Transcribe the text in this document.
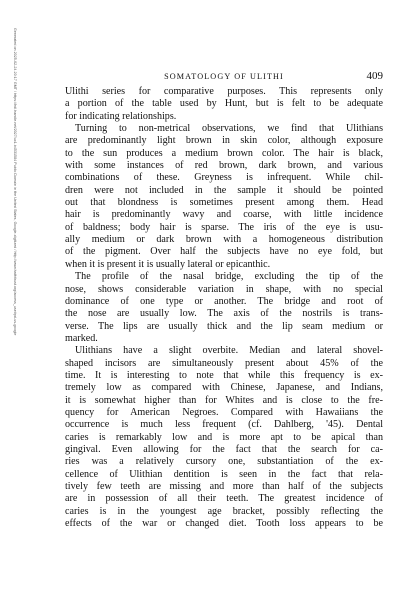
Generated on 2025-02-24 20:17 GMT / https://hdl.handle.net/2027/uc1.b4531584 Public Domain in the United States, Google-digitized / http://www.hathitrust.org/access_use#pd-us-google	SOMATOLOGY OF ULITHI	409
Ulithi series for comparative purposes. This represents only
a portion of the table used by Hunt, but is felt to be adequate
for indicating relationships.
Turning to non-metrical observations, we find that Ulithians
are predominantly light brown in skin color, although exposure
to the sun produces a medium brown color. The hair is black,
with some instances of red brown, dark brown, and various
combinations of these. Greyness is infrequent. While chil-
dren were not included in the sample it should be pointed
out that blondness is sometimes present among them. Head
hair is predominantly wavy and coarse, with little incidence
of baldness; body hair is sparse. The iris of the eye is usu-
ally medium or dark brown with a homogeneous distribution
of the pigment. Over half the subjects have no eye fold, but
when it is present it is usually lateral or epicanthic.
The profile of the nasal bridge, excluding the tip of the
nose, shows considerable variation in shape, with no special
dominance of one type or another. The bridge and root of
the nose are usually low. The axis of the nostrils is trans-
verse. The lips are usually thick and the lip seam medium or
marked.
Ulithians have a slight overbite. Median and lateral shovel-
shaped incisors are simultaneously present about 45% of the
time. It is interesting to note that while this frequency is ex-
tremely low as compared with Chinese, Japanese, and Indians,
it is somewhat higher than for Whites and is close to the fre-
quency for American Negroes. Compared with Hawaiians the
occurrence is much less frequent (cf. Dahlberg, '45). Dental
caries is remarkably low and is more apt to be apical than
gingival. Even allowing for the fact that the search for ca-
ries was a relatively cursory one, substantiation of the ex-
cellence of Ulithian dentition is seen in the fact that rela-
tively few teeth are missing and more than half of the subjects
are in possession of all their teeth. The greatest incidence of
caries is in the youngest age bracket, possibly reflecting the
effects of the war or changed diet. Tooth loss appears to be
